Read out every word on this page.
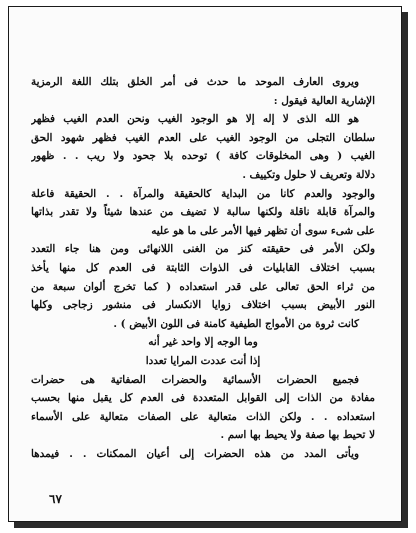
ويروى العارف الموحد ما حدث فى أمر الخلق بتلك اللغة الرمزية
الإشارية العالية فيقول :
هو الله الذى لا إله إلا هو الوجود الغيب ونحن العدم الغيب فظهر
سلطان التجلى من الوجود الغيب على العدم الغيب فظهر شهود الحق
الغيب ( وهى المخلوقات كافة ) توحده بلا جحود ولا ريب . . ظهور
دلالة وتعريف لا حلول وتكييف .
والوجود والعدم كانا من البداية كالحقيقة والمرآة . . الحقيقة فاعلة
والمرآة قابلة ناقلة ولكنها سالبة لا تضيف من عندها شيئاً ولا تقدر بذاتها
على شىء سوى أن تظهر فيها الأمر على ما هو عليه
ولكن الأمر فى حقيقته كنز من الغنى اللانهائى ومن هنا جاء التعدد
بسبب اختلاف القابليات فى الذوات الثابتة فى العدم كل منها يأخذ
من ثراء الحق تعالى على قدر استعداده ( كما تخرج ألوان سبعة من
النور الأبيض بسبب اختلاف زوايا الانكسار فى منشور زجاجى وكلها
كانت ثروة من الأمواج الطيفية كامنة فى اللون الأبيض ) .
وما الوجه إلا واحد غير أنه
إذا أنت عددت المرايا تعددا
فجميع الحضرات الأسمائية والحضرات الصفاتية هى حضرات
مفادة من الذات إلى القوابل المتعددة فى العدم كل يقبل منها بحسب
استعداده . . ولكن الذات متعالية على الصفات متعالية على الأسماء
لا تحيط بها صفة ولا يحيط بها اسم .
ويأتى المدد من هذه الحضرات إلى أعيان الممكنات . . فيمدها
٦٧
